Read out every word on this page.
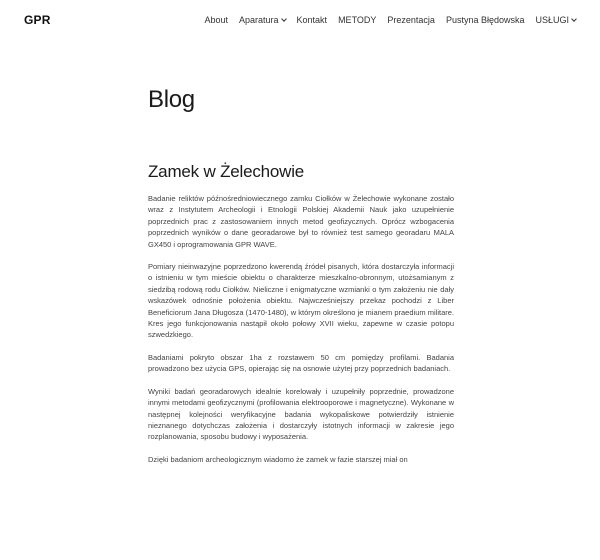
GPR	About Aparatura Kontakt METODY Prezentacja Pustyna Błędowska USŁUGI
Blog
Zamek w Żelechowie

Badanie reliktów późnośredniowiecznego zamku Ciołków w Żelechowie wykonane zostało wraz z Instytutem Archeologii i Etnologii Polskiej Akademii Nauk jako uzupełnienie poprzednich prac z zastosowaniem innych metod geofizycznych. Oprócz wzbogacenia poprzednich wyników o dane georadarowe był to również test samego georadaru MALA GX450 i oprogramowania GPR WAVE.

Pomiary nieinwazyjne poprzedzono kwerendą źródeł pisanych, która dostarczyła informacji o istnieniu w tym mieście obiektu o charakterze mieszkalno-obronnym, utożsamianym z siedzibą rodową rodu Ciołków. Nieliczne i enigmatyczne wzmianki o tym założeniu nie dały wskazówek odnośnie położenia obiektu. Najwcześniejszy przekaz pochodzi z Liber Beneficiorum Jana Długosza (1470-1480), w którym określono je mianem praedium militare. Kres jego funkcjonowania nastąpił około połowy XVII wieku, zapewne w czasie potopu szwedzkiego.

Badaniami pokryto obszar 1ha z rozstawem 50 cm pomiędzy profilami. Badania prowadzono bez użycia GPS, opierając się na osnowie użytej przy poprzednich badaniach.

Wyniki badań georadarowych idealnie korelowały i uzupełniły poprzednie, prowadzone innymi metodami geofizycznymi (profilowania elektrooporowe i magnetyczne). Wykonane w następnej kolejności weryfikacyjne badania wykopaliskowe potwierdziły istnienie nieznanego dotychczas założenia i dostarczyły istotnych informacji w zakresie jego rozplanowania, sposobu budowy i wyposażenia.

Dzięki badaniom archeologicznym wiadomo że zamek w fazie starszej miał on
